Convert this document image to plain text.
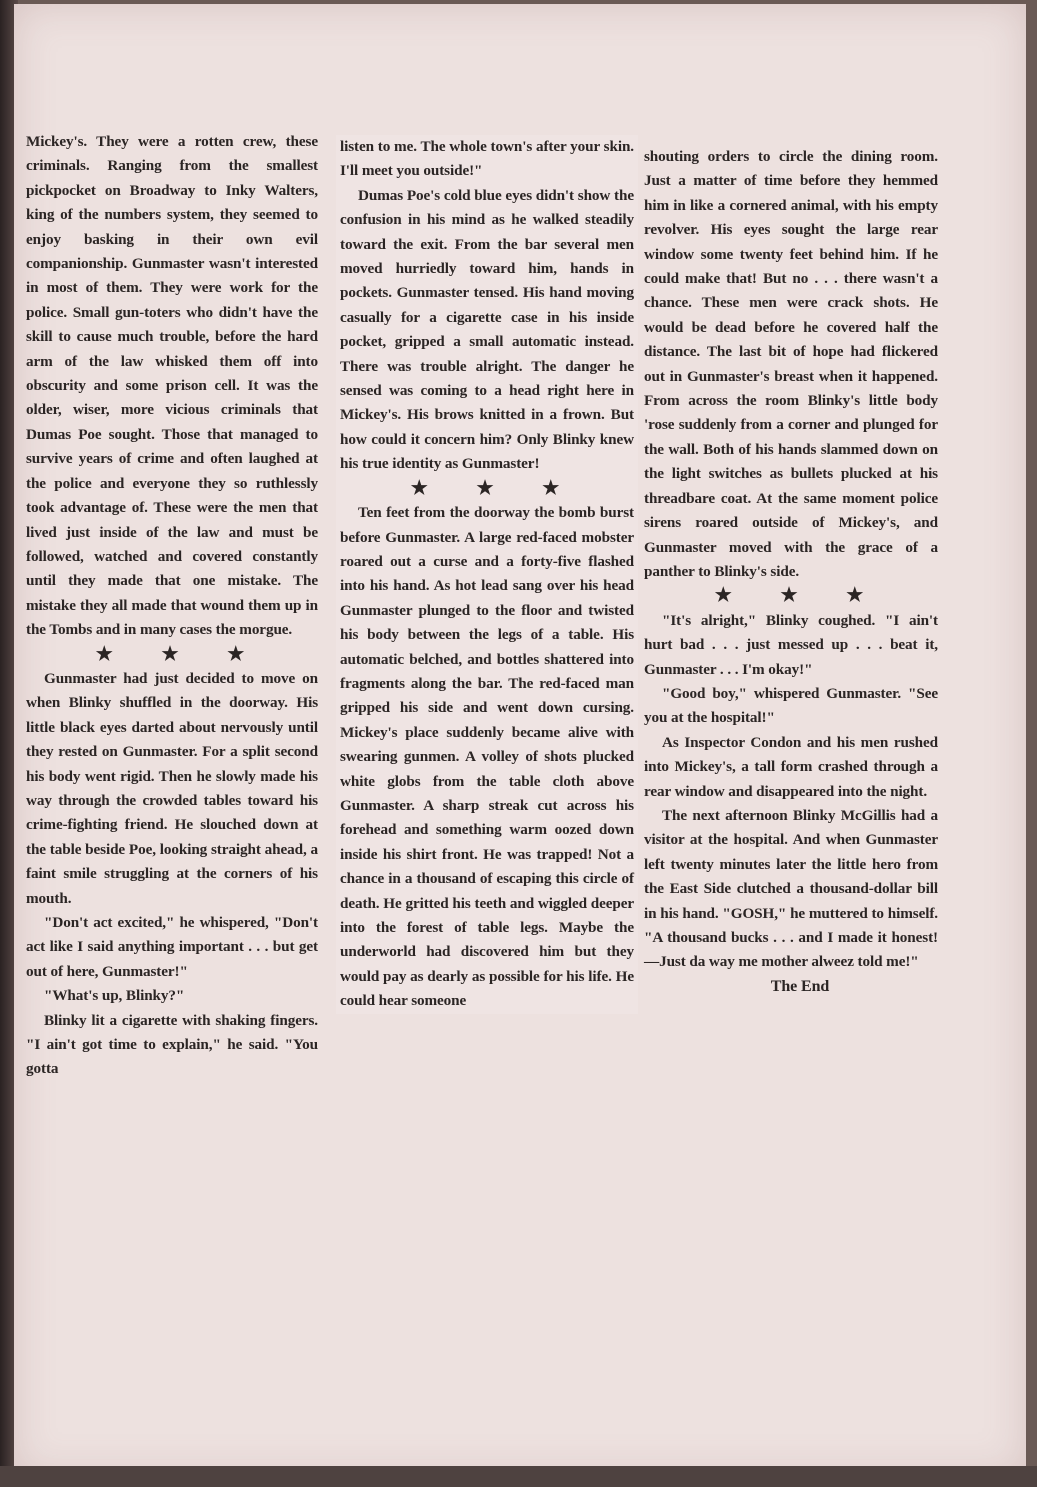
Mickey's. They were a rotten crew, these criminals. Ranging from the smallest pickpocket on Broadway to Inky Walters, king of the numbers system, they seemed to enjoy basking in their own evil companionship. Gunmaster wasn't interested in most of them. They were work for the police. Small gun-toters who didn't have the skill to cause much trouble, before the hard arm of the law whisked them off into obscurity and some prison cell. It was the older, wiser, more vicious criminals that Dumas Poe sought. Those that managed to survive years of crime and often laughed at the police and everyone they so ruthlessly took advantage of. These were the men that lived just inside of the law and must be followed, watched and covered constantly until they made that one mistake. The mistake they all made that wound them up in the Tombs and in many cases the morgue.

★ ★ ★

Gunmaster had just decided to move on when Blinky shuffled in the doorway. His little black eyes darted about nervously until they rested on Gunmaster. For a split second his body went rigid. Then he slowly made his way through the crowded tables toward his crime-fighting friend. He slouched down at the table beside Poe, looking straight ahead, a faint smile struggling at the corners of his mouth.

"Don't act excited," he whispered, "Don't act like I said anything important . . . but get out of here, Gunmaster!"

"What's up, Blinky?"

Blinky lit a cigarette with shaking fingers. "I ain't got time to explain," he said. "You gotta

listen to me. The whole town's after your skin. I'll meet you outside!"

Dumas Poe's cold blue eyes didn't show the confusion in his mind as he walked steadily toward the exit. From the bar several men moved hurriedly toward him, hands in pockets. Gunmaster tensed. His hand moving casually for a cigarette case in his inside pocket, gripped a small automatic instead. There was trouble alright. The danger he sensed was coming to a head right here in Mickey's. His brows knitted in a frown. But how could it concern him? Only Blinky knew his true identity as Gunmaster!

★ ★ ★

Ten feet from the doorway the bomb burst before Gunmaster. A large red-faced mobster roared out a curse and a forty-five flashed into his hand. As hot lead sang over his head Gunmaster plunged to the floor and twisted his body between the legs of a table. His automatic belched, and bottles shattered into fragments along the bar. The red-faced man gripped his side and went down cursing. Mickey's place suddenly became alive with swearing gunmen. A volley of shots plucked white globs from the table cloth above Gunmaster. A sharp streak cut across his forehead and something warm oozed down inside his shirt front. He was trapped! Not a chance in a thousand of escaping this circle of death. He gritted his teeth and wiggled deeper into the forest of table legs. Maybe the underworld had discovered him but they would pay as dearly as possible for his life. He could hear someone

shouting orders to circle the dining room. Just a matter of time before they hemmed him in like a cornered animal, with his empty revolver. His eyes sought the large rear window some twenty feet behind him. If he could make that! But no . . . there wasn't a chance. These men were crack shots. He would be dead before he covered half the distance. The last bit of hope had flickered out in Gunmaster's breast when it happened. From across the room Blinky's little body 'rose suddenly from a corner and plunged for the wall. Both of his hands slammed down on the light switches as bullets plucked at his threadbare coat. At the same moment police sirens roared outside of Mickey's, and Gunmaster moved with the grace of a panther to Blinky's side.

★ ★ ★

"It's alright," Blinky coughed. "I ain't hurt bad . . . just messed up . . . beat it, Gunmaster . . . I'm okay!"

"Good boy," whispered Gunmaster. "See you at the hospital!"

As Inspector Condon and his men rushed into Mickey's, a tall form crashed through a rear window and disappeared into the night.

The next afternoon Blinky McGillis had a visitor at the hospital. And when Gunmaster left twenty minutes later the little hero from the East Side clutched a thousand-dollar bill in his hand. "GOSH," he muttered to himself. "A thousand bucks . . . and I made it honest! —Just da way me mother alweez told me!"

The End
